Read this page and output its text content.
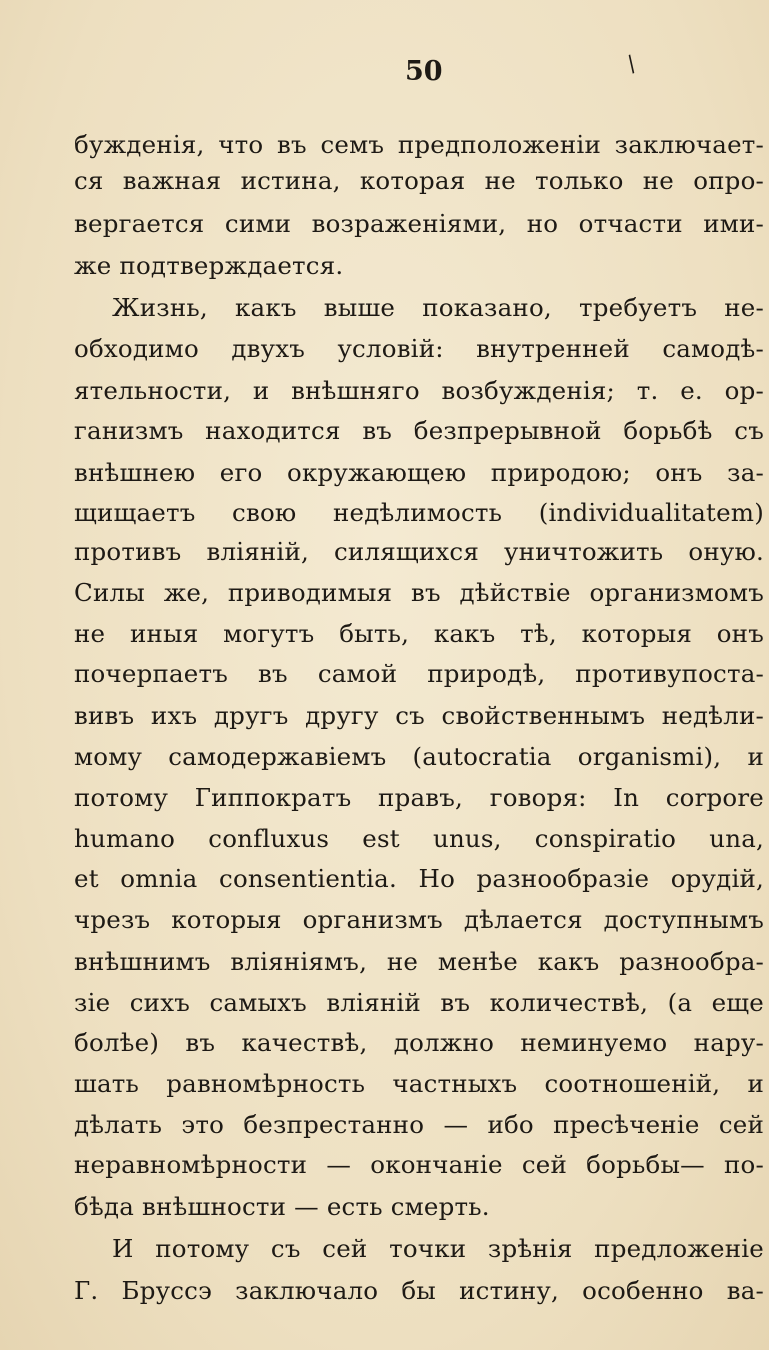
50	/
бужденія, что въ семъ предположеніи заключает-
ся важная истина, которая не только не опро-
вергается сими возраженіями, но отчасти ими-
же подтверждается.
Жизнь, какъ выше показано, требуетъ не-
обходимо двухъ условій: внутренней самодѣ-
ятельности, и внѣшняго возбужденія; т. е. ор-
ганизмъ находится въ безпрерывной борьбѣ съ
внѣшнею его окружающею природою; онъ за-
щищаетъ свою недѣлимость (individualitatem)
противъ вліяній, силящихся уничтожить оную.
Силы же, приводимыя въ дѣйствіе организмомъ
не иныя могутъ быть, какъ тѣ, которыя онъ
почерпаетъ въ самой природѣ, противупоста-
вивъ ихъ другъ другу съ свойственнымъ недѣли-
мому самодержавіемъ (autocratia organismi), и
потому Гиппократъ правъ, говоря: In corpore
humano confluxus est unus, conspiratio una,
et omnia consentientia. Но разнообразіе орудій,
чрезъ которыя организмъ дѣлается доступнымъ
внѣшнимъ вліяніямъ, не менѣе какъ разнообра-
зіе сихъ самыхъ вліяній въ количествѣ, (а еще
болѣе) въ качествѣ, должно неминуемо нару-
шать равномѣрность частныхъ соотношеній, и
дѣлать это безпрестанно — ибо пресѣченіе сей
неравномѣрности — окончаніе сей борьбы— по-
бѣда внѣшности — есть смерть.
И потому съ сей точки зрѣнія предложеніе
Г. Бруссэ заключало бы истину, особенно ва-
